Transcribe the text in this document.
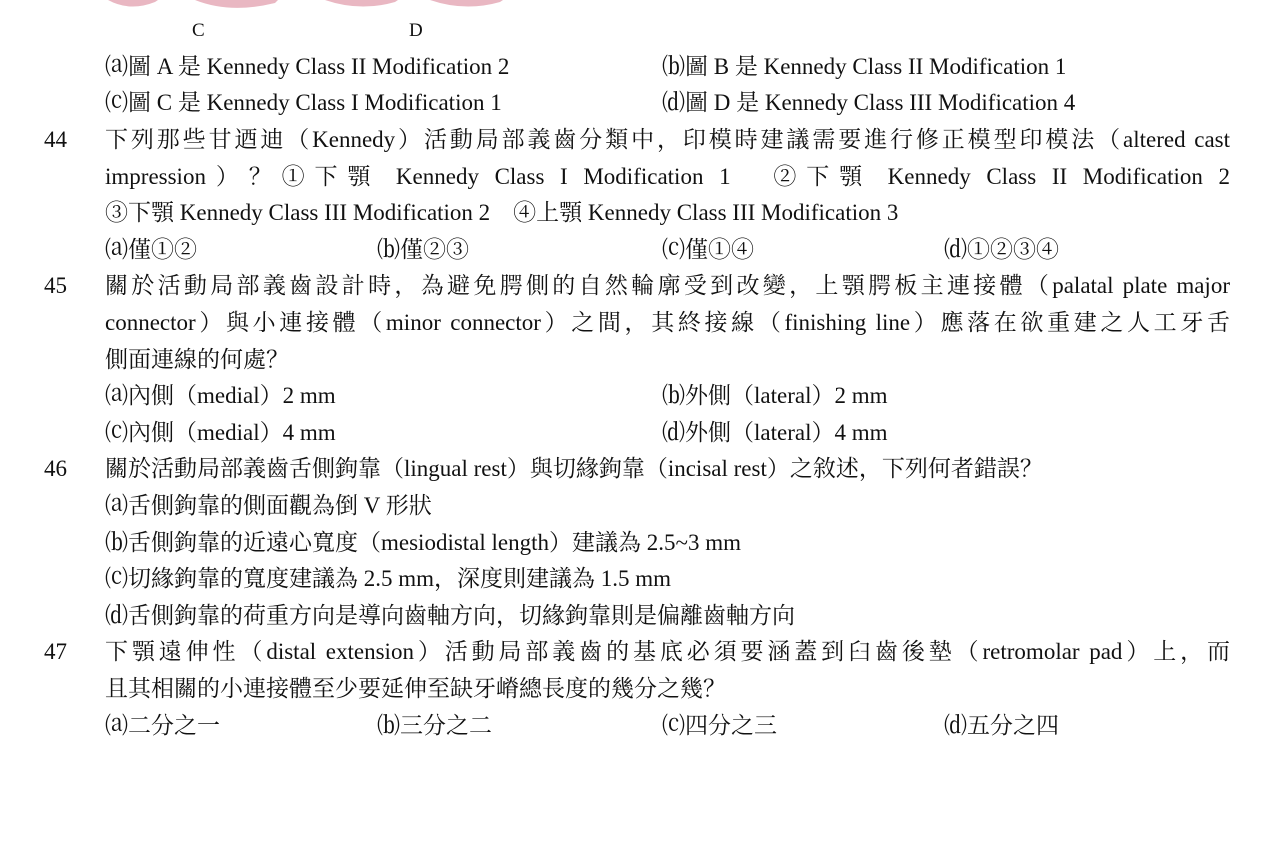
C	D
⒜圖 A 是 Kennedy Class II Modification 2	⒝圖 B 是 Kennedy Class II Modification 1
⒞圖 C 是 Kennedy Class I Modification 1	⒟圖 D 是 Kennedy Class III Modification 4
44 下列那些甘迺迪（Kennedy）活動局部義齒分類中，印模時建議需要進行修正模型印模法（altered cast
impression）？①下顎 Kennedy Class I Modification 1　②下顎 Kennedy Class II Modification 2
③下顎 Kennedy Class III Modification 2　④上顎 Kennedy Class III Modification 3
⒜僅①②	⒝僅②③	⒞僅①④	⒟①②③④
45 關於活動局部義齒設計時，為避免腭側的自然輪廓受到改變，上顎腭板主連接體（palatal plate major
connector）與小連接體（minor connector）之間，其終接線（finishing line）應落在欲重建之人工牙舌
側面連線的何處？
⒜內側（medial）2 mm	⒝外側（lateral）2 mm
⒞內側（medial）4 mm	⒟外側（lateral）4 mm
46 關於活動局部義齒舌側鉤靠（lingual rest）與切緣鉤靠（incisal rest）之敘述，下列何者錯誤？
⒜舌側鉤靠的側面觀為倒 V 形狀
⒝舌側鉤靠的近遠心寬度（mesiodistal length）建議為 2.5~3 mm
⒞切緣鉤靠的寬度建議為 2.5 mm，深度則建議為 1.5 mm
⒟舌側鉤靠的荷重方向是導向齒軸方向，切緣鉤靠則是偏離齒軸方向
47 下顎遠伸性（distal extension）活動局部義齒的基底必須要涵蓋到臼齒後墊（retromolar pad）上，而
且其相關的小連接體至少要延伸至缺牙嵴總長度的幾分之幾？
⒜二分之一	⒝三分之二	⒞四分之三	⒟五分之四
